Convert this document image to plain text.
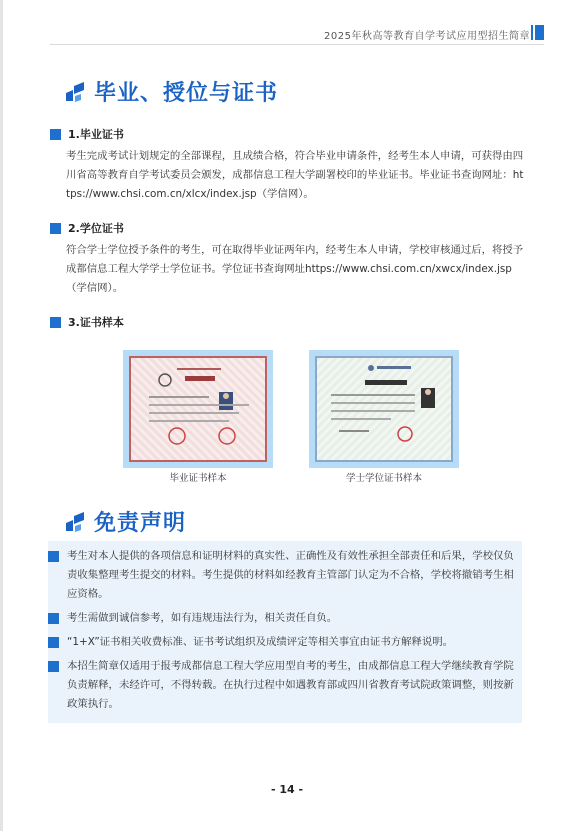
2025年秋高等教育自学考试应用型招生简章
毕业、授位与证书
1.毕业证书
考生完成考试计划规定的全部课程，且成绩合格，符合毕业申请条件，经考生本人申请，可获得由四川省高等教育自学考试委员会颁发，成都信息工程大学副署校印的毕业证书。毕业证书查询网址：https://www.chsi.com.cn/xlcx/index.jsp（学信网）。
2.学位证书
符合学士学位授予条件的考生，可在取得毕业证两年内，经考生本人申请，学校审核通过后，将授予成都信息工程大学学士学位证书。学位证书查询网址https://www.chsi.com.cn/xwcx/index.jsp（学信网）。
3.证书样本
毕业证书样本	学士学位证书样本
免责声明
考生对本人提供的各项信息和证明材料的真实性、正确性及有效性承担全部责任和后果，学校仅负责收集整理考生提交的材料。考生提供的材料如经教育主管部门认定为不合格，学校将撤销考生相应资格。
考生需做到诚信参考，如有违规违法行为，相关责任自负。
“1+X”证书相关收费标准、证书考试组织及成绩评定等相关事宜由证书方解释说明。
本招生简章仅适用于报考成都信息工程大学应用型自考的考生，由成都信息工程大学继续教育学院负责解释，未经许可，不得转载。在执行过程中如遇教育部或四川省教育考试院政策调整，则按新政策执行。
- 14 -
